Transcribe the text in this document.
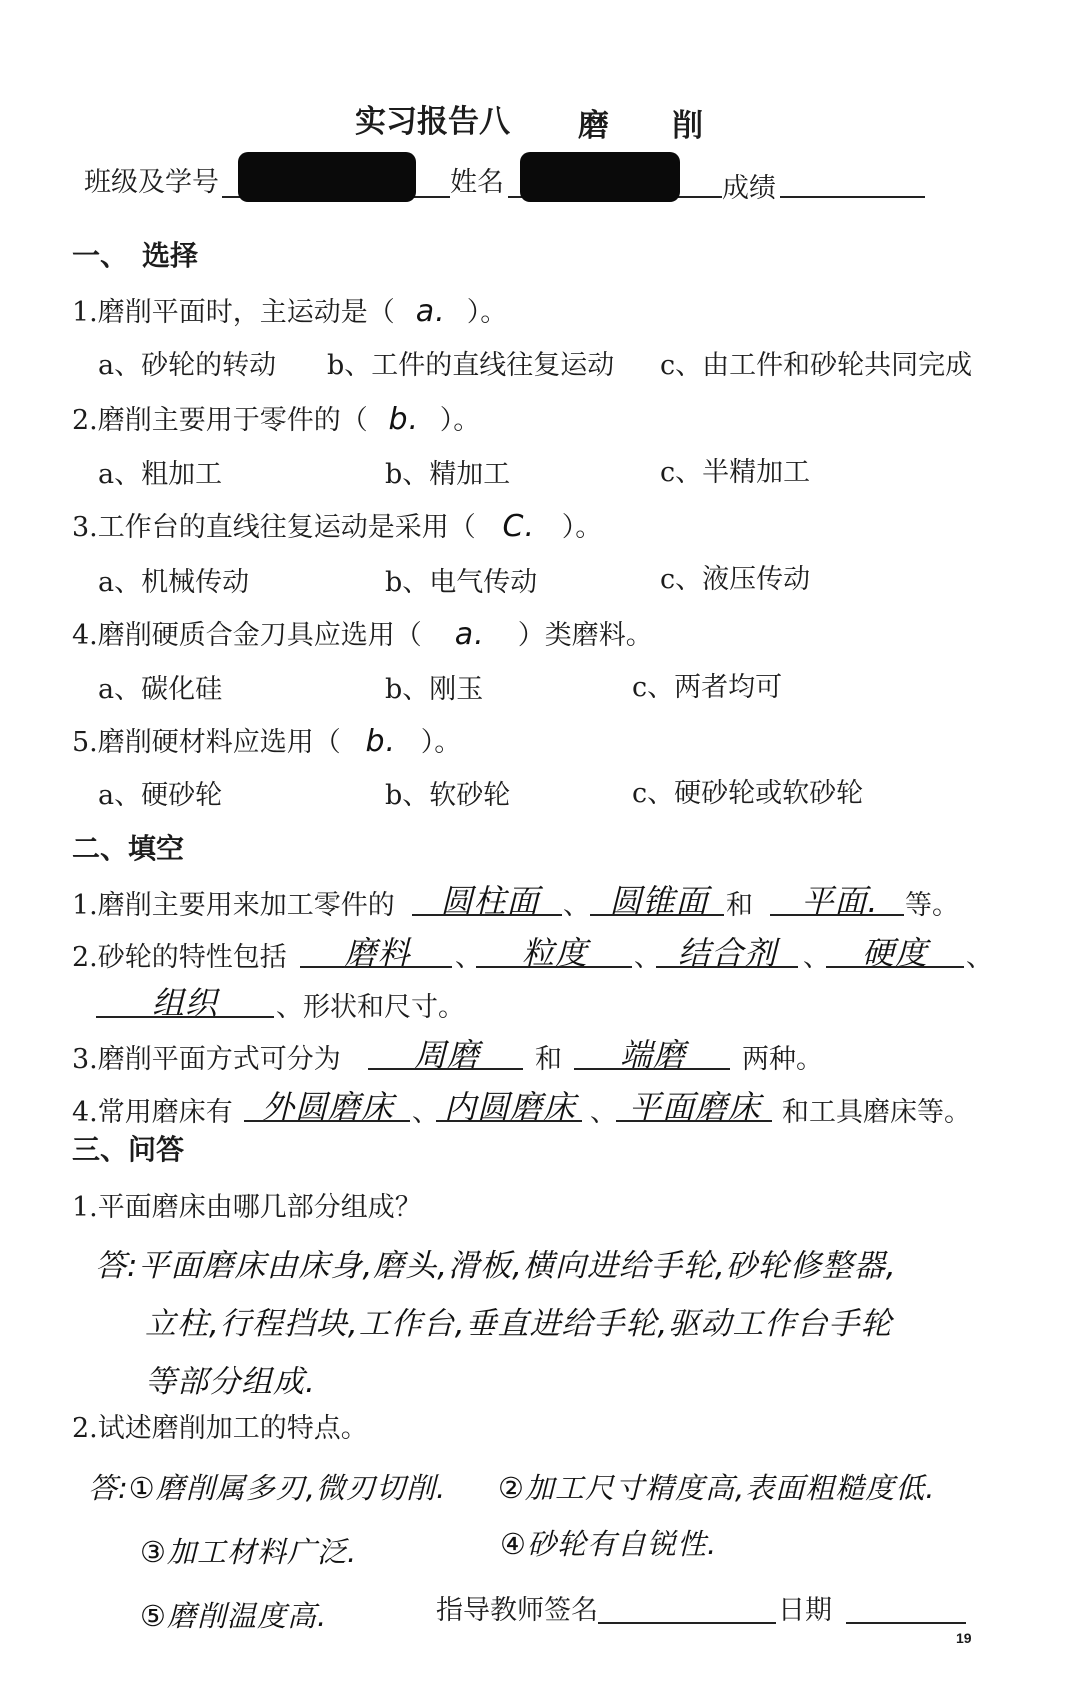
实习报告八 磨 削
班级及学号	姓名	成绩
一、　选择
1.磨削平面时，主运动是（ a. ）。
a、砂轮的转动 b、工件的直线往复运动 c、由工件和砂轮共同完成
2.磨削主要用于零件的（ b. ）。
a、粗加工	b、精加工	c、半精加工
3.工作台的直线往复运动是采用（ C. ）。
a、机械传动	b、电气传动	c、液压传动
4.磨削硬质合金刀具应选用（ a. ）类磨料。
a、碳化硅	b、刚玉	c、两者均可
5.磨削硬材料应选用（ b. ）。
a、硬砂轮	b、软砂轮	c、硬砂轮或软砂轮
二、填空
1.磨削主要用来加工零件的	圆柱面 、 圆锥面 和	平面. 等。
2.砂轮的特性包括	磨料	、	粒度	、 结合剂 、 硬度	、
组织	、形状和尺寸。
3.磨削平面方式可分为	周磨	和	端磨	两种。
4.常用磨床有 外圆磨床 、 内圆磨床 、 平面磨床 和工具磨床等。
三、问答
1.平面磨床由哪几部分组成？
答:平面磨床由床身,磨头,滑板,横向进给手轮,砂轮修整器,
立柱,行程挡块,工作台,垂直进给手轮,驱动工作台手轮
等部分组成.
2.试述磨削加工的特点。
答:①磨削属多刃,微刃切削. ②加工尺寸精度高,表面粗糙度低.
③加工材料广泛.	④砂轮有自锐性.
⑤磨削温度高.	指导教师签名	日期
19
